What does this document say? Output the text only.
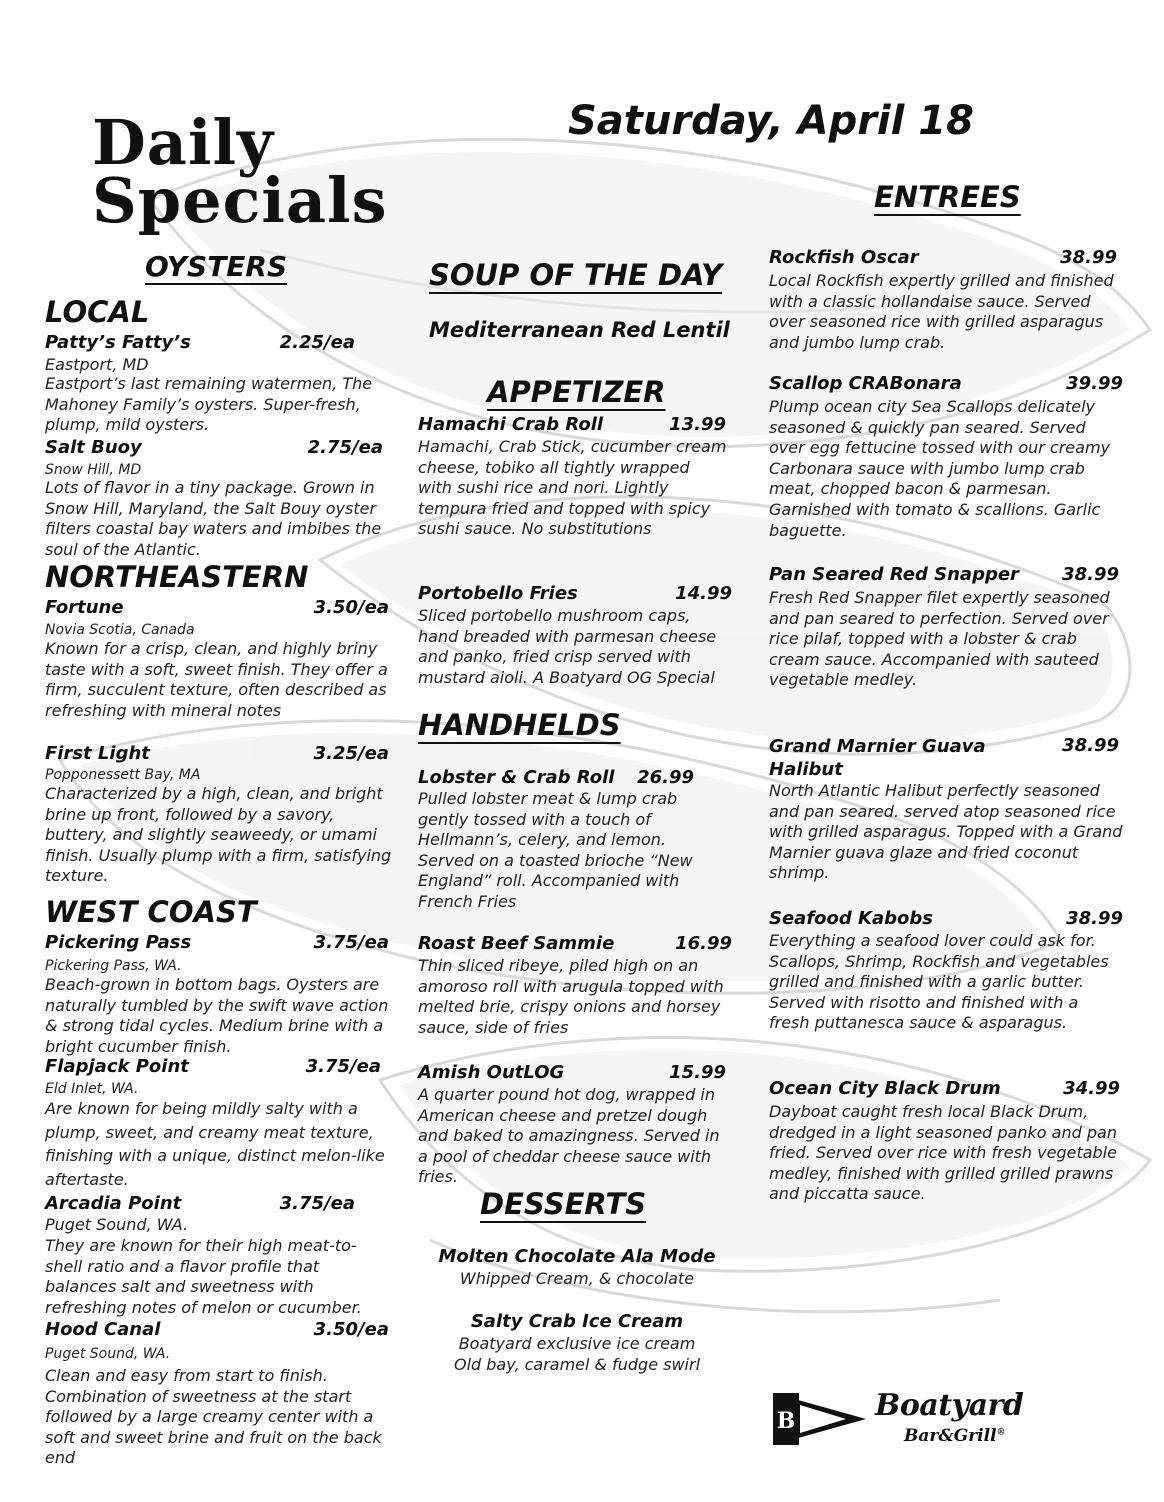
Daily
Specials
Saturday, April 18
OYSTERS
LOCAL
Patty’s Fatty’s	2.25/ea
Eastport, MD
Eastport’s last remaining watermen, The Mahoney Family’s oysters. Super-fresh, plump, mild oysters.
Salt Buoy	2.75/ea
Snow Hill, MD
Lots of flavor in a tiny package. Grown in Snow Hill, Maryland, the Salt Bouy oyster filters coastal bay waters and imbibes the soul of the Atlantic.
NORTHEASTERN
Fortune	3.50/ea
Novia Scotia, Canada
Known for a crisp, clean, and highly briny taste with a soft, sweet finish. They offer a firm, succulent texture, often described as refreshing with mineral notes
First Light	3.25/ea
Popponessett Bay, MA
Characterized by a high, clean, and bright brine up front, followed by a savory, buttery, and slightly seaweedy, or umami finish. Usually plump with a firm, satisfying texture.
WEST COAST
Pickering Pass	3.75/ea
Pickering Pass, WA.
Beach-grown in bottom bags. Oysters are naturally tumbled by the swift wave action & strong tidal cycles. Medium brine with a bright cucumber finish.
Flapjack Point	3.75/ea
Eld Inlet, WA.
Are known for being mildly salty with a plump, sweet, and creamy meat texture, finishing with a unique, distinct melon-like aftertaste.
Arcadia Point	3.75/ea
Puget Sound, WA.
They are known for their high meat-to-shell ratio and a flavor profile that balances salt and sweetness with refreshing notes of melon or cucumber.
Hood Canal	3.50/ea
Puget Sound, WA.
Clean and easy from start to finish. Combination of sweetness at the start followed by a large creamy center with a soft and sweet brine and fruit on the back end
SOUP OF THE DAY
Mediterranean Red Lentil
APPETIZER
Hamachi Crab Roll	13.99
Hamachi, Crab Stick, cucumber cream cheese, tobiko all tightly wrapped with sushi rice and nori. Lightly tempura fried and topped with spicy sushi sauce. No substitutions
Portobello Fries	14.99
Sliced portobello mushroom caps, hand breaded with parmesan cheese and panko, fried crisp served with mustard aioli. A Boatyard OG Special
HANDHELDS
Lobster & Crab Roll 26.99
Pulled lobster meat & lump crab gently tossed with a touch of Hellmann’s, celery, and lemon. Served on a toasted brioche “New England” roll. Accompanied with French Fries
Roast Beef Sammie	16.99
Thin sliced ribeye, piled high on an amoroso roll with arugula topped with melted brie, crispy onions and horsey sauce, side of fries
Amish OutLOG	15.99
A quarter pound hot dog, wrapped in American cheese and pretzel dough and baked to amazingness. Served in a pool of cheddar cheese sauce with fries.
DESSERTS
Molten Chocolate Ala Mode
Whipped Cream, & chocolate
Salty Crab Ice Cream
Boatyard exclusive ice cream
Old bay, caramel & fudge swirl
ENTREES
Rockfish Oscar	38.99
Local Rockfish expertly grilled and finished with a classic hollandaise sauce. Served over seasoned rice with grilled asparagus and jumbo lump crab.
Scallop CRABonara	39.99
Plump ocean city Sea Scallops delicately seasoned & quickly pan seared. Served over egg fettucine tossed with our creamy Carbonara sauce with jumbo lump crab meat, chopped bacon & parmesan. Garnished with tomato & scallions. Garlic baguette.
Pan Seared Red Snapper 38.99
Fresh Red Snapper filet expertly seasoned and pan seared to perfection. Served over rice pilaf, topped with a lobster & crab cream sauce. Accompanied with sauteed vegetable medley.
Grand Marnier Guava Halibut
38.99
North Atlantic Halibut perfectly seasoned and pan seared. served atop seasoned rice with grilled asparagus. Topped with a Grand Marnier guava glaze and fried coconut shrimp.
Seafood Kabobs	38.99
Everything a seafood lover could ask for. Scallops, Shrimp, Rockfish and vegetables grilled and finished with a garlic butter. Served with risotto and finished with a fresh puttanesca sauce & asparagus.
Ocean City Black Drum	34.99
Dayboat caught fresh local Black Drum, dredged in a light seasoned panko and pan fried. Served over rice with fresh vegetable medley, finished with grilled grilled prawns and piccatta sauce.
B	Boatyard
Bar&Grill®
